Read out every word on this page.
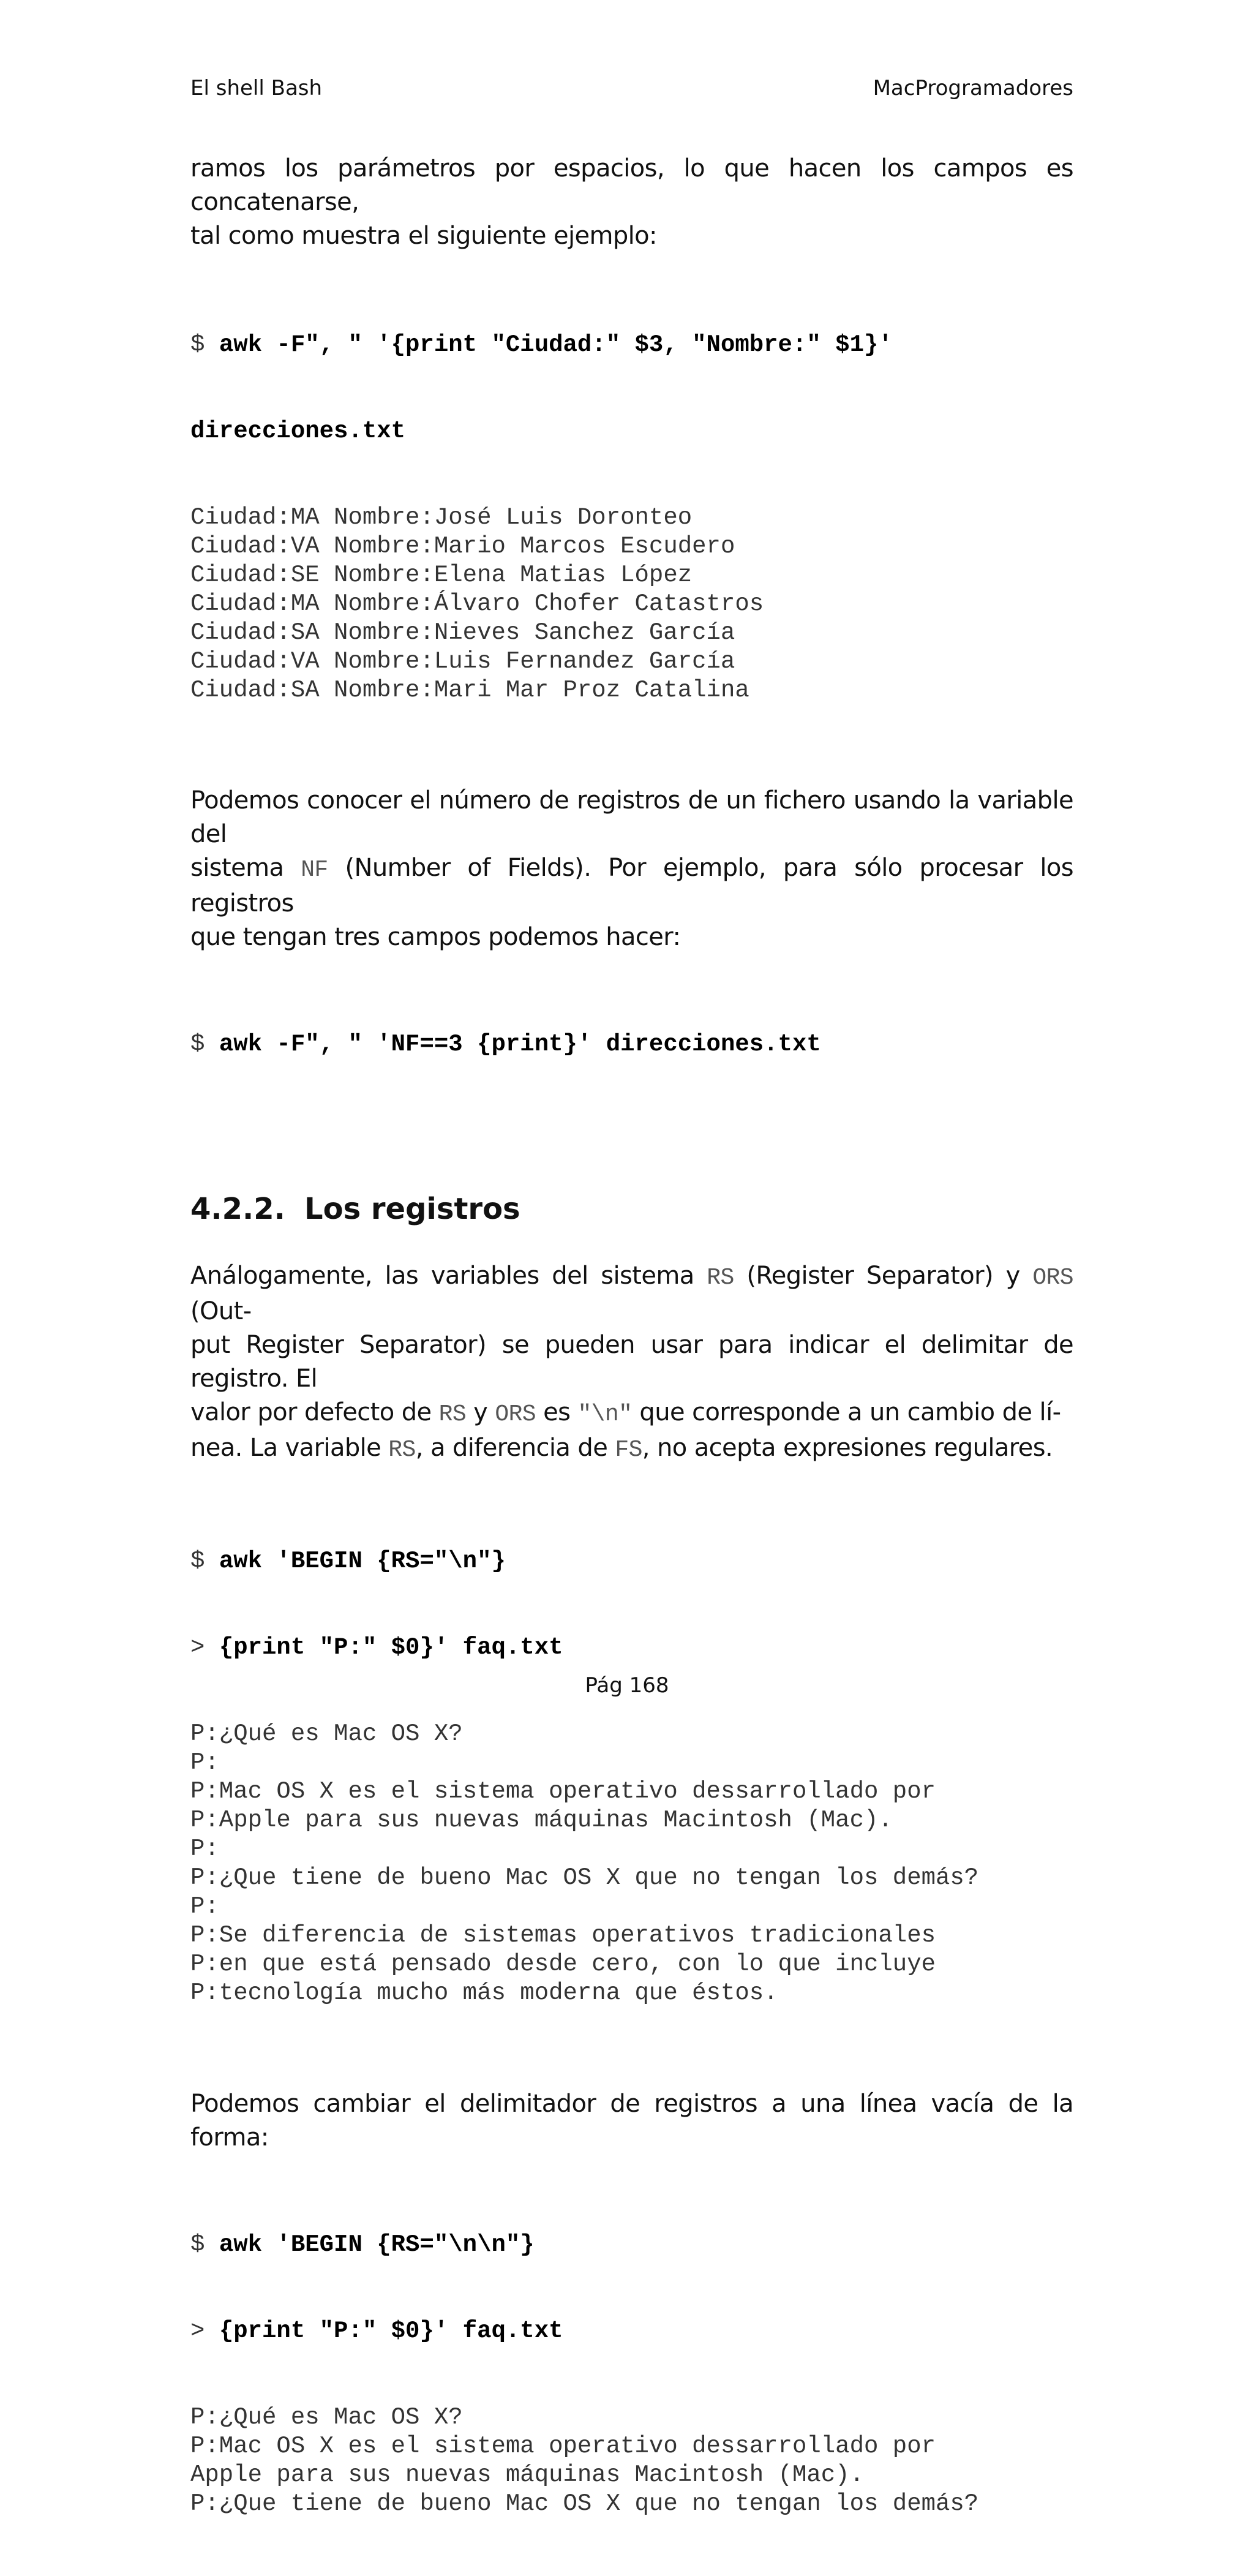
El shell Bash	MacProgramadores
ramos los parámetros por espacios, lo que hacen los campos es concatenarse,
tal como muestra el siguiente ejemplo:

$ awk -F", " '{print "Ciudad:" $3, "Nombre:" $1}'

direcciones.txt

Ciudad:MA Nombre:José Luis Doronteo
Ciudad:VA Nombre:Mario Marcos Escudero
Ciudad:SE Nombre:Elena Matias López
Ciudad:MA Nombre:Álvaro Chofer Catastros
Ciudad:SA Nombre:Nieves Sanchez García
Ciudad:VA Nombre:Luis Fernandez García
Ciudad:SA Nombre:Mari Mar Proz Catalina

Podemos conocer el número de registros de un fichero usando la variable del
sistema NF (Number of Fields). Por ejemplo, para sólo procesar los registros
que tengan tres campos podemos hacer:

$ awk -F", " 'NF==3 {print}' direcciones.txt

4.2.2. Los registros
Análogamente, las variables del sistema RS (Register Separator) y ORS (Out-
put Register Separator) se pueden usar para indicar el delimitar de registro. El
valor por defecto de RS y ORS es "\n" que corresponde a un cambio de lí-
nea. La variable RS, a diferencia de FS, no acepta expresiones regulares.

$ awk 'BEGIN {RS="\n"}

> {print "P:" $0}' faq.txt

P:¿Qué es Mac OS X?
P:
P:Mac OS X es el sistema operativo dessarrollado por
P:Apple para sus nuevas máquinas Macintosh (Mac).
P:
P:¿Que tiene de bueno Mac OS X que no tengan los demás?
P:
P:Se diferencia de sistemas operativos tradicionales
P:en que está pensado desde cero, con lo que incluye
P:tecnología mucho más moderna que éstos.

Podemos cambiar el delimitador de registros a una línea vacía de la forma:

$ awk 'BEGIN {RS="\n\n"}

> {print "P:" $0}' faq.txt

P:¿Qué es Mac OS X?
P:Mac OS X es el sistema operativo dessarrollado por
Apple para sus nuevas máquinas Macintosh (Mac).
P:¿Que tiene de bueno Mac OS X que no tengan los demás?

Pág 168
